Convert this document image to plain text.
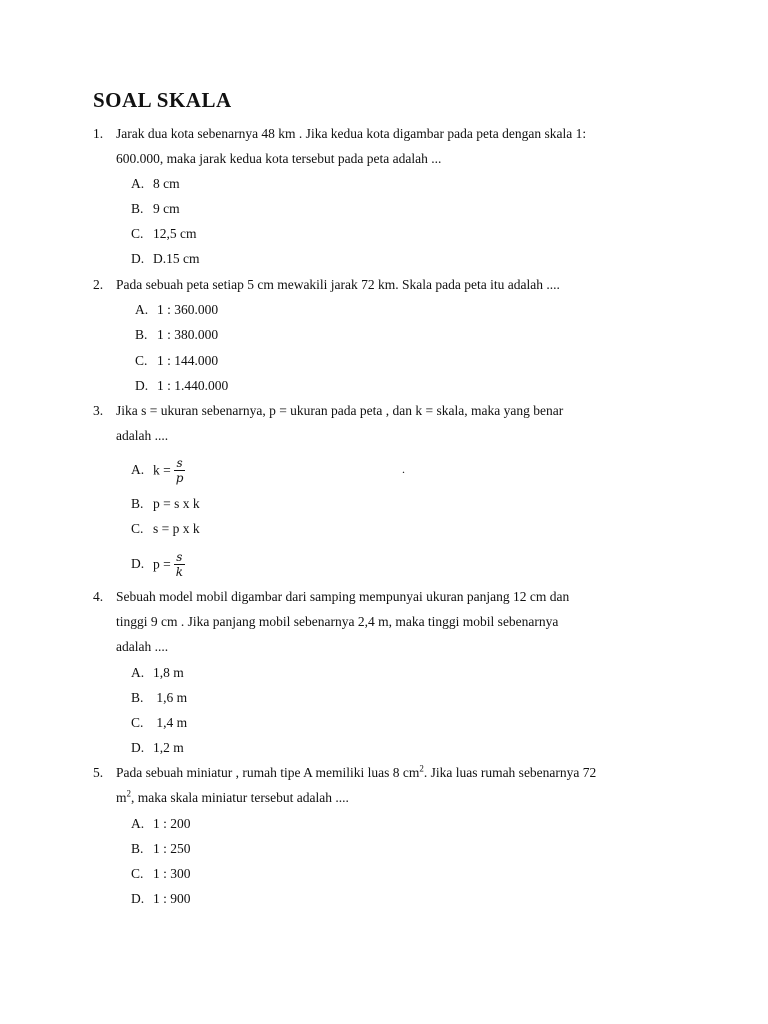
SOAL SKALA
1. Jarak dua kota sebenarnya 48 km . Jika kedua kota digambar pada peta dengan skala 1:
600.000, maka jarak kedua kota tersebut pada peta adalah ...
A. 8 cm
B. 9 cm
C. 12,5 cm
D. D.15 cm
2. Pada sebuah peta setiap 5 cm mewakili jarak 72 km. Skala pada peta itu adalah ....
A. 1 : 360.000
B. 1 : 380.000
C. 1 : 144.000
D. 1 : 1.440.000
3. Jika s = ukuran sebenarnya, p = ukuran pada peta , dan k = skala, maka yang benar
adalah ....
A. $k = \frac{s}{p}$	.
B. p = s x k
C. s = p x k
D. $p = \frac{s}{k}$
4. Sebuah model mobil digambar dari samping mempunyai ukuran panjang 12 cm dan
tinggi 9 cm . Jika panjang mobil sebenarnya 2,4 m, maka tinggi mobil sebenarnya
adalah ....
A. 1,8 m
B. 1,6 m
C. 1,4 m
D. 1,2 m
5. Pada sebuah miniatur , rumah tipe A memiliki luas 8 $cm^2$. Jika luas rumah sebenarnya 72
$m^2$, maka skala miniatur tersebut adalah ....
A. 1 : 200
B. 1 : 250
C. 1 : 300
D. 1 : 900
